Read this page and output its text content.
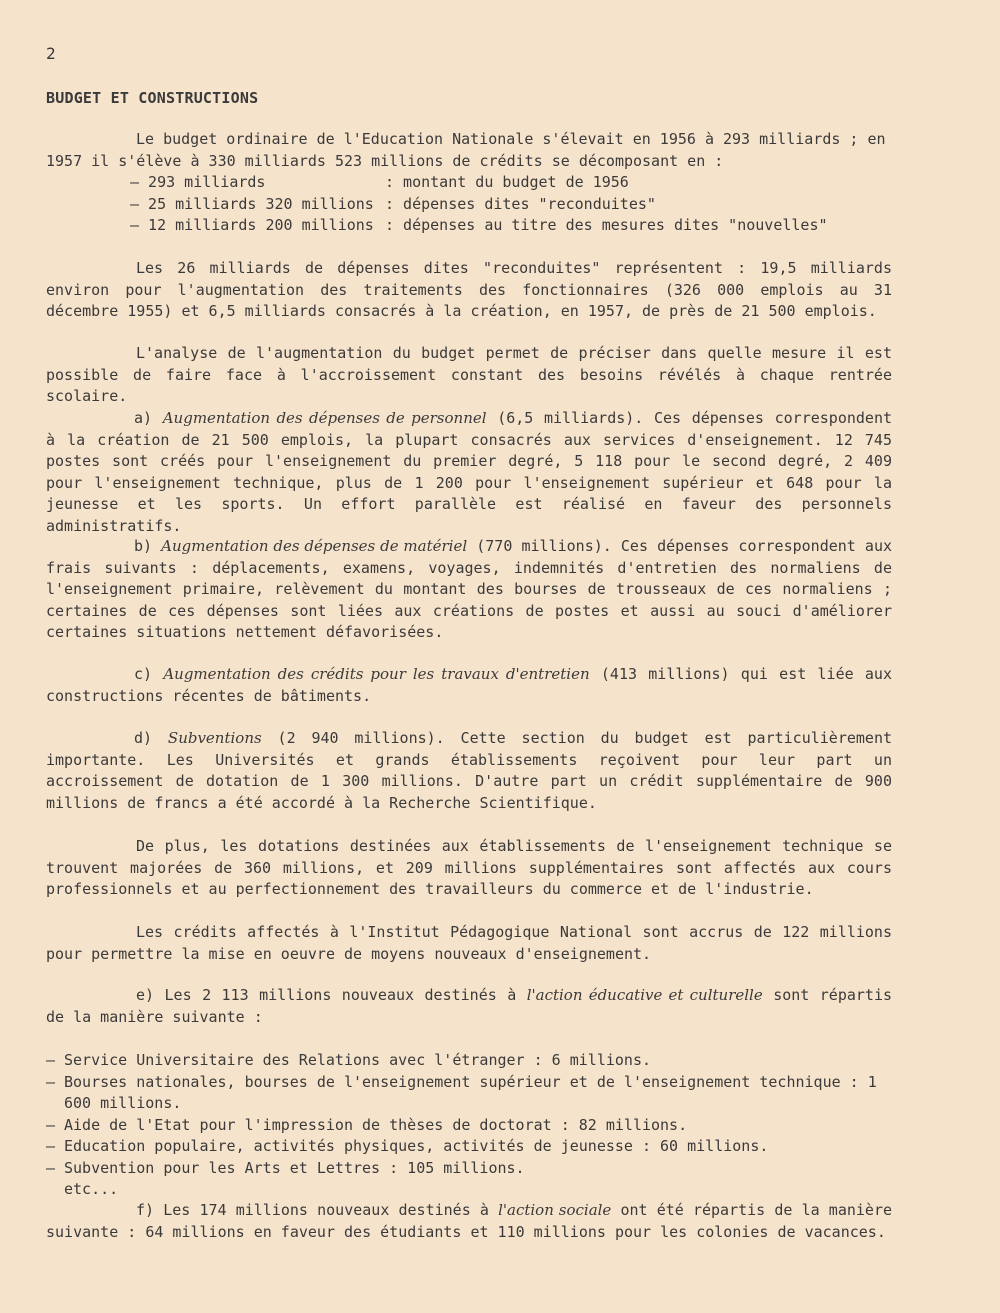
2
BUDGET ET CONSTRUCTIONS
Le budget ordinaire de l'Education Nationale s'élevait en 1956 à 293 milliards ; en
1957 il s'élève à 330 milliards 523 millions de crédits se décomposant en :
– 293 milliards	: montant du budget de 1956
– 25 milliards 320 millions : dépenses dites "reconduites"
– 12 milliards 200 millions : dépenses au titre des mesures dites "nouvelles"
Les 26 milliards de dépenses dites "reconduites" représentent : 19,5 milliards environ pour l'augmentation des traitements des fonctionnaires (326 000 emplois au 31 décembre 1955) et 6,5 milliards consacrés à la création, en 1957, de près de 21 500 emplois.
L'analyse de l'augmentation du budget permet de préciser dans quelle mesure il est possible de faire face à l'accroissement constant des besoins révélés à chaque rentrée scolaire.
a) Augmentation des dépenses de personnel (6,5 milliards). Ces dépenses correspondent à la création de 21 500 emplois, la plupart consacrés aux services d'enseignement. 12 745 postes sont créés pour l'enseignement du premier degré, 5 118 pour le second degré, 2 409 pour l'enseignement technique, plus de 1 200 pour l'enseignement supérieur et 648 pour la jeunesse et les sports. Un effort parallèle est réalisé en faveur des personnels administratifs.
b) Augmentation des dépenses de matériel (770 millions). Ces dépenses correspondent aux frais suivants : déplacements, examens, voyages, indemnités d'entretien des normaliens de l'enseignement primaire, relèvement du montant des bourses de trousseaux de ces normaliens ; certaines de ces dépenses sont liées aux créations de postes et aussi au souci d'améliorer certaines situations nettement défavorisées.
c) Augmentation des crédits pour les travaux d'entretien (413 millions) qui est liée aux constructions récentes de bâtiments.
d) Subventions (2 940 millions). Cette section du budget est particulièrement importante. Les Universités et grands établissements reçoivent pour leur part un accroissement de dotation de 1 300 millions. D'autre part un crédit supplémentaire de 900 millions de francs a été accordé à la Recherche Scientifique.
De plus, les dotations destinées aux établissements de l'enseignement technique se trouvent majorées de 360 millions, et 209 millions supplémentaires sont affectés aux cours professionnels et au perfectionnement des travailleurs du commerce et de l'industrie.
Les crédits affectés à l'Institut Pédagogique National sont accrus de 122 millions pour permettre la mise en oeuvre de moyens nouveaux d'enseignement.
e) Les 2 113 millions nouveaux destinés à l'action éducative et culturelle sont répartis de la manière suivante :
– Service Universitaire des Relations avec l'étranger : 6 millions.
– Bourses nationales, bourses de l'enseignement supérieur et de l'enseignement technique : 1 600 millions.
– Aide de l'Etat pour l'impression de thèses de doctorat : 82 millions.
– Education populaire, activités physiques, activités de jeunesse : 60 millions.
– Subvention pour les Arts et Lettres : 105 millions.
etc...
f) Les 174 millions nouveaux destinés à l'action sociale ont été répartis de la manière suivante : 64 millions en faveur des étudiants et 110 millions pour les colonies de vacances.
